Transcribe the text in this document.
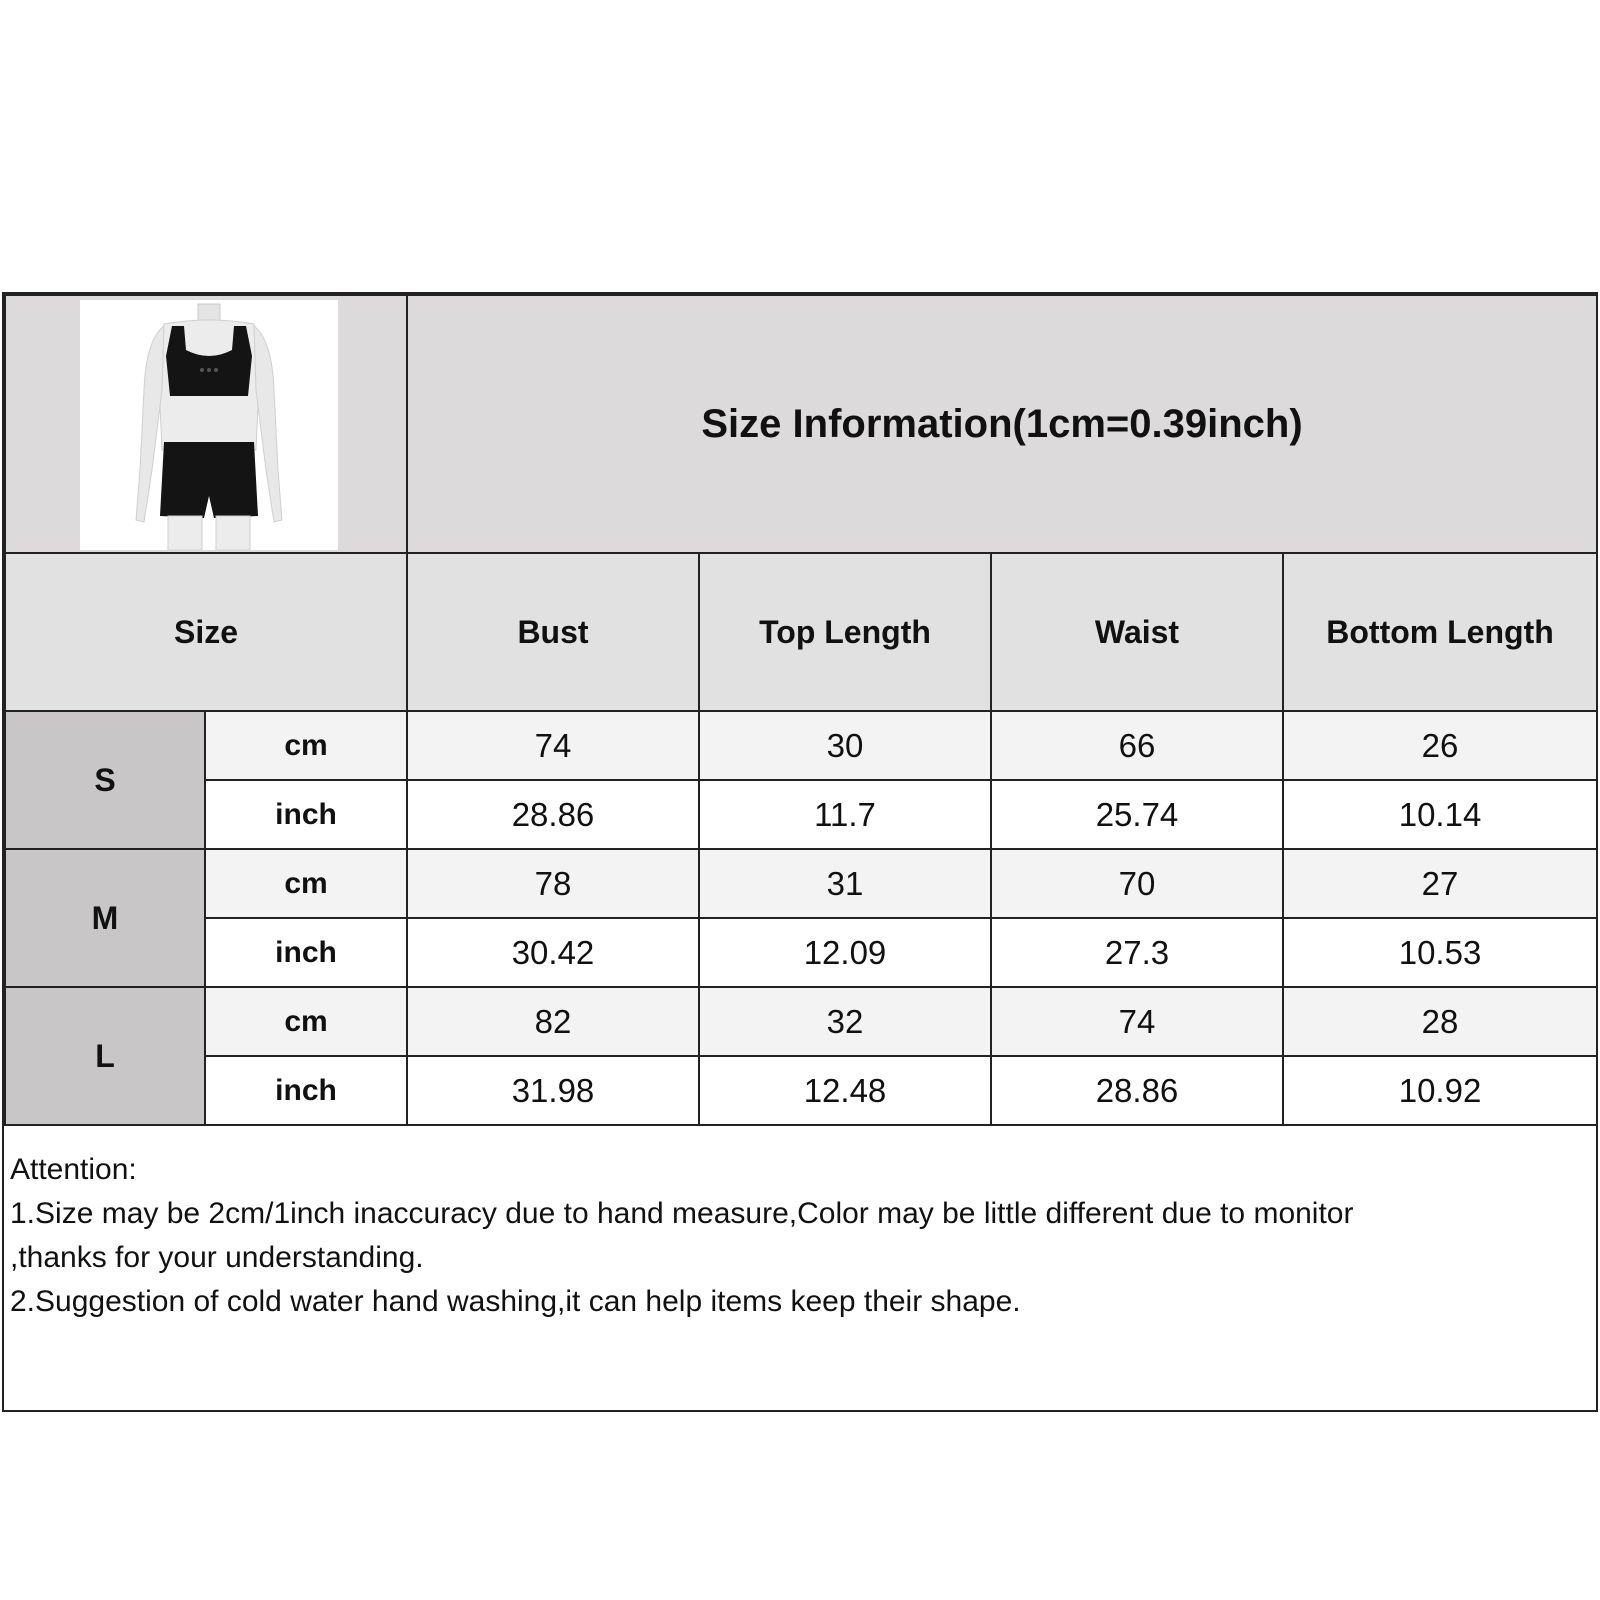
	Size Information(1cm=0.39inch)			
Size		Bust	Top Length	Waist	Bottom Length
S	cm	74	30	66	26
	inch	28.86	11.7	25.74	10.14
M	cm	78	31	70	27
	inch	30.42	12.09	27.3	10.53
L	cm	82	32	74	28
	inch	31.98	12.48	28.86	10.92
Attention:
1.Size may be 2cm/1inch inaccuracy due to hand measure,Color may be little different due to monitor
,thanks for your understanding.
2.Suggestion of cold water hand washing,it can help items keep their shape.
